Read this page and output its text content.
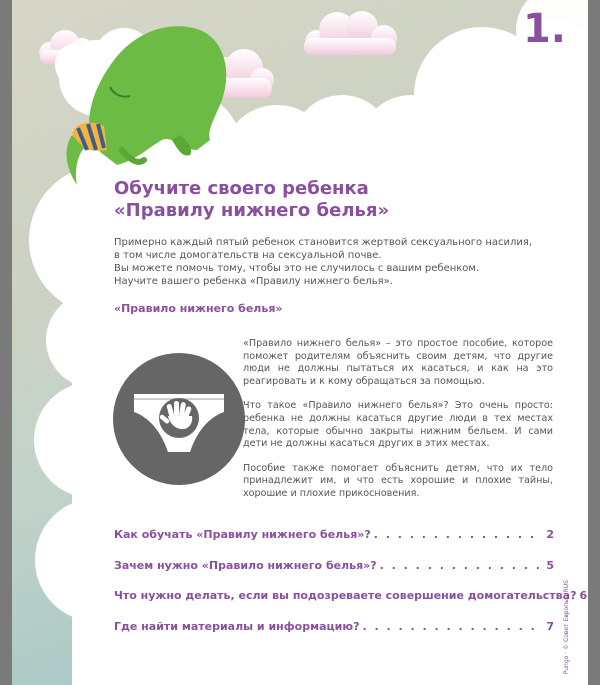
1.
Обучите своего ребенка
«Правилу нижнего белья»

Примерно каждый пятый ребенок становится жертвой сексуального насилия,

в том числе домогательств на сексуальной почве.

Вы можете помочь тому, чтобы это не случилось с вашим ребенком.

Научите вашего ребенка «Правилу нижнего белья».

«Правило нижнего белья»

«Правило нижнего белья» – это простое пособие, которое поможет родителям объяснить своим детям, что другие люди не должны пытаться их касаться, и как на это реагировать и к кому обращаться за помощью.

Что такое «Правило нижнего белья»? Это очень просто: ребенка не должны касаться другие люди в тех местах тела, которые обычно закрыты нижним бельем. И сами дети не должны касаться других в этих местах.

Пособие также помогает объяснить детям, что их тело принадлежит им, и что есть хорошие и плохие тайны, хорошие и плохие прикосновения.

Как обучать «Правилу нижнего белья»? . . .	2
Зачем нужно «Правило нижнего белья»? . . .	5
Что нужно делать, если вы подозреваете совершение домогательства? 6
Где найти материалы и информацию? . . .	7 Pungo · © Совет Европы · RUS
